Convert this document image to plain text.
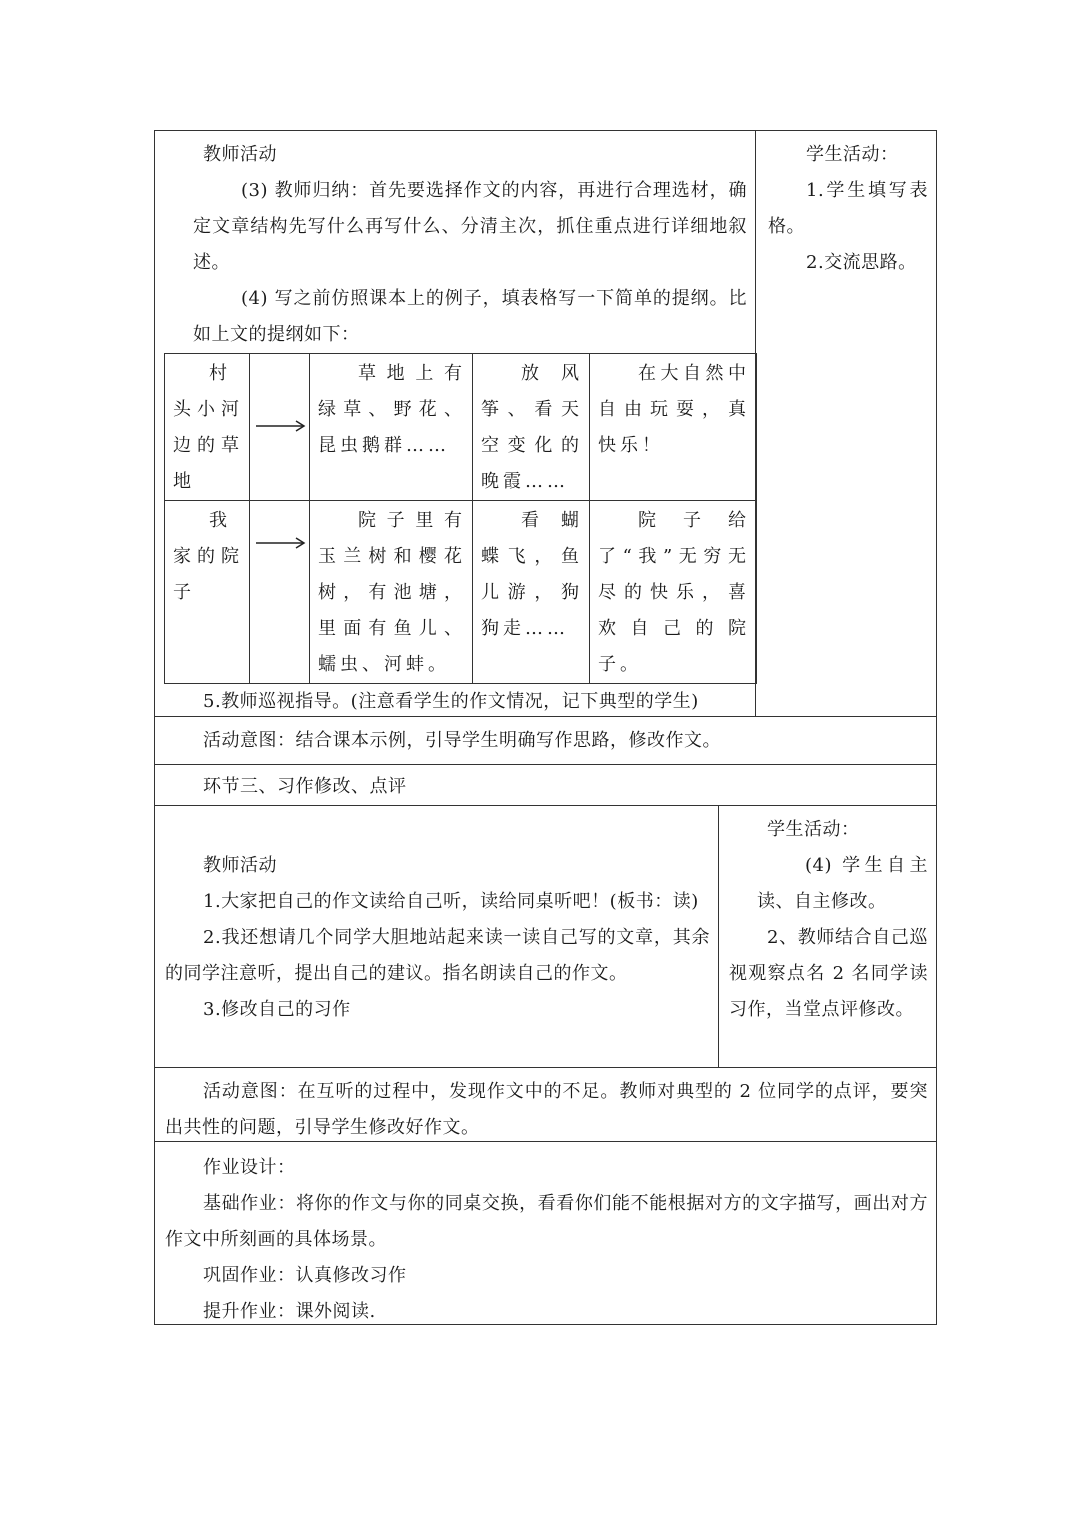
教师活动

(3) 教师归纳：首先要选择作文的内容，再进行合理选材，确定文章结构先写什么再写什么、分清主次，抓住重点进行详细地叙述。

(4) 写之前仿照课本上的例子，填表格写一下简单的提纲。比如上文的提纲如下：

村头小河边的草地		草地上有绿草、野花、昆虫鹅群……	放风筝、看天空变化的晚霞……	在大自然中自由玩耍，真快乐！
我家的院子		院子里有玉兰树和樱花树，有池塘，里面有鱼儿、蠕虫、河蚌。	看蝴蝶飞，鱼儿游，狗狗走……	院子给了“我”无穷无尽的快乐，喜欢自己的院子。

5.教师巡视指导。(注意看学生的作文情况，记下典型的学生)

学生活动：

1.学生填写表格。

2.交流思路。

活动意图：结合课本示例，引导学生明确写作思路，修改作文。

环节三、习作修改、点评

教师活动

1.大家把自己的作文读给自己听，读给同桌听吧！(板书：读)

2.我还想请几个同学大胆地站起来读一读自己写的文章，其余的同学注意听，提出自己的建议。指名朗读自己的作文。

3.修改自己的习作

学生活动：

(4) 学生自主读、自主修改。

2、教师结合自己巡视观察点名 2 名同学读习作，当堂点评修改。

活动意图：在互听的过程中，发现作文中的不足。教师对典型的 2 位同学的点评，要突出共性的问题，引导学生修改好作文。

作业设计：

基础作业：将你的作文与你的同桌交换，看看你们能不能根据对方的文字描写，画出对方作文中所刻画的具体场景。

巩固作业：认真修改习作

提升作业：课外阅读.
